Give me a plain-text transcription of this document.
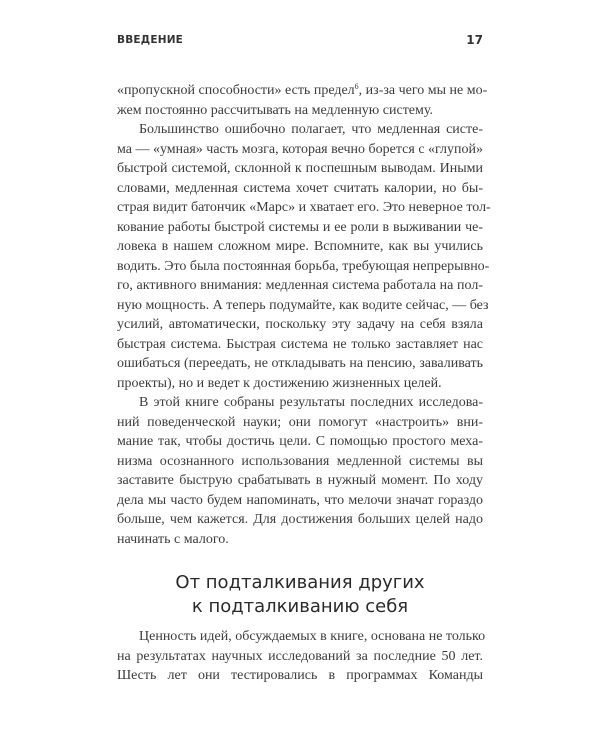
ВВЕДЕНИЕ	17
«пропускной способности» есть предел$^6$, из-за чего мы не мо-
жем постоянно рассчитывать на медленную систему.
Большинство ошибочно полагает, что медленная систе-
ма — «умная» часть мозга, которая вечно борется с «глупой»
быстрой системой, склонной к поспешным выводам. Иными
словами, медленная система хочет считать калории, но бы-
страя видит батончик «Марс» и хватает его. Это неверное тол-
кование работы быстрой системы и ее роли в выживании че-
ловека в нашем сложном мире. Вспомните, как вы учились
водить. Это была постоянная борьба, требующая непрерывно-
го, активного внимания: медленная система работала на пол-
ную мощность. А теперь подумайте, как водите сейчас, — без
усилий, автоматически, поскольку эту задачу на себя взяла
быстрая система. Быстрая система не только заставляет нас
ошибаться (переедать, не откладывать на пенсию, заваливать
проекты), но и ведет к достижению жизненных целей.
В этой книге собраны результаты последних исследова-
ний поведенческой науки; они помогут «настроить» вни-
мание так, чтобы достичь цели. С помощью простого меха-
низма осознанного использования медленной системы вы
заставите быструю срабатывать в нужный момент. По ходу
дела мы часто будем напоминать, что мелочи значат гораздо
больше, чем кажется. Для достижения больших целей надо
начинать с малого.
От подталкивания других
к подталкиванию себя
Ценность идей, обсуждаемых в книге, основана не только
на результатах научных исследований за последние 50 лет.
Шесть лет они тестировались в программах Команды
